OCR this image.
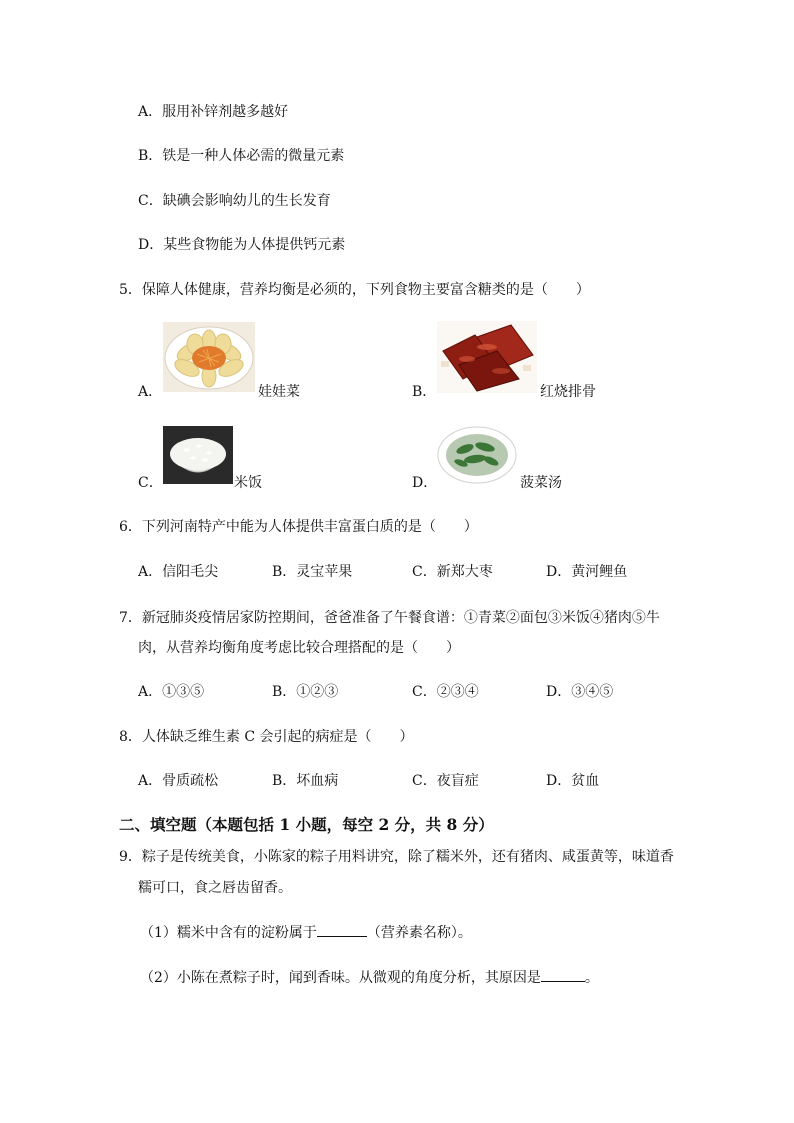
A．服用补锌剂越多越好
B．铁是一种人体必需的微量元素
C．缺碘会影响幼儿的生长发育
D．某些食物能为人体提供钙元素
5．保障人体健康，营养均衡是必须的，下列食物主要富含糖类的是（　　）
A．	娃娃菜	B．	红烧排骨
C．	米饭	D．	菠菜汤
6．下列河南特产中能为人体提供丰富蛋白质的是（　　）
A．信阳毛尖	B．灵宝苹果	C．新郑大枣	D．黄河鲤鱼
7．新冠肺炎疫情居家防控期间，爸爸准备了午餐食谱：①青菜②面包③米饭④猪肉⑤牛
肉，从营养均衡角度考虑比较合理搭配的是（　　）
A．①③⑤	B．①②③	C．②③④	D．③④⑤
8．人体缺乏维生素 C 会引起的病症是（　　）
A．骨质疏松	B．坏血病	C．夜盲症	D．贫血
二、填空题（本题包括 1 小题，每空 2 分，共 8 分）
9．粽子是传统美食，小陈家的粽子用料讲究，除了糯米外，还有猪肉、咸蛋黄等，味道香
糯可口，食之唇齿留香。
（1）糯米中含有的淀粉属于	（营养素名称）。
（2）小陈在煮粽子时，闻到香味。从微观的角度分析，其原因是	。
